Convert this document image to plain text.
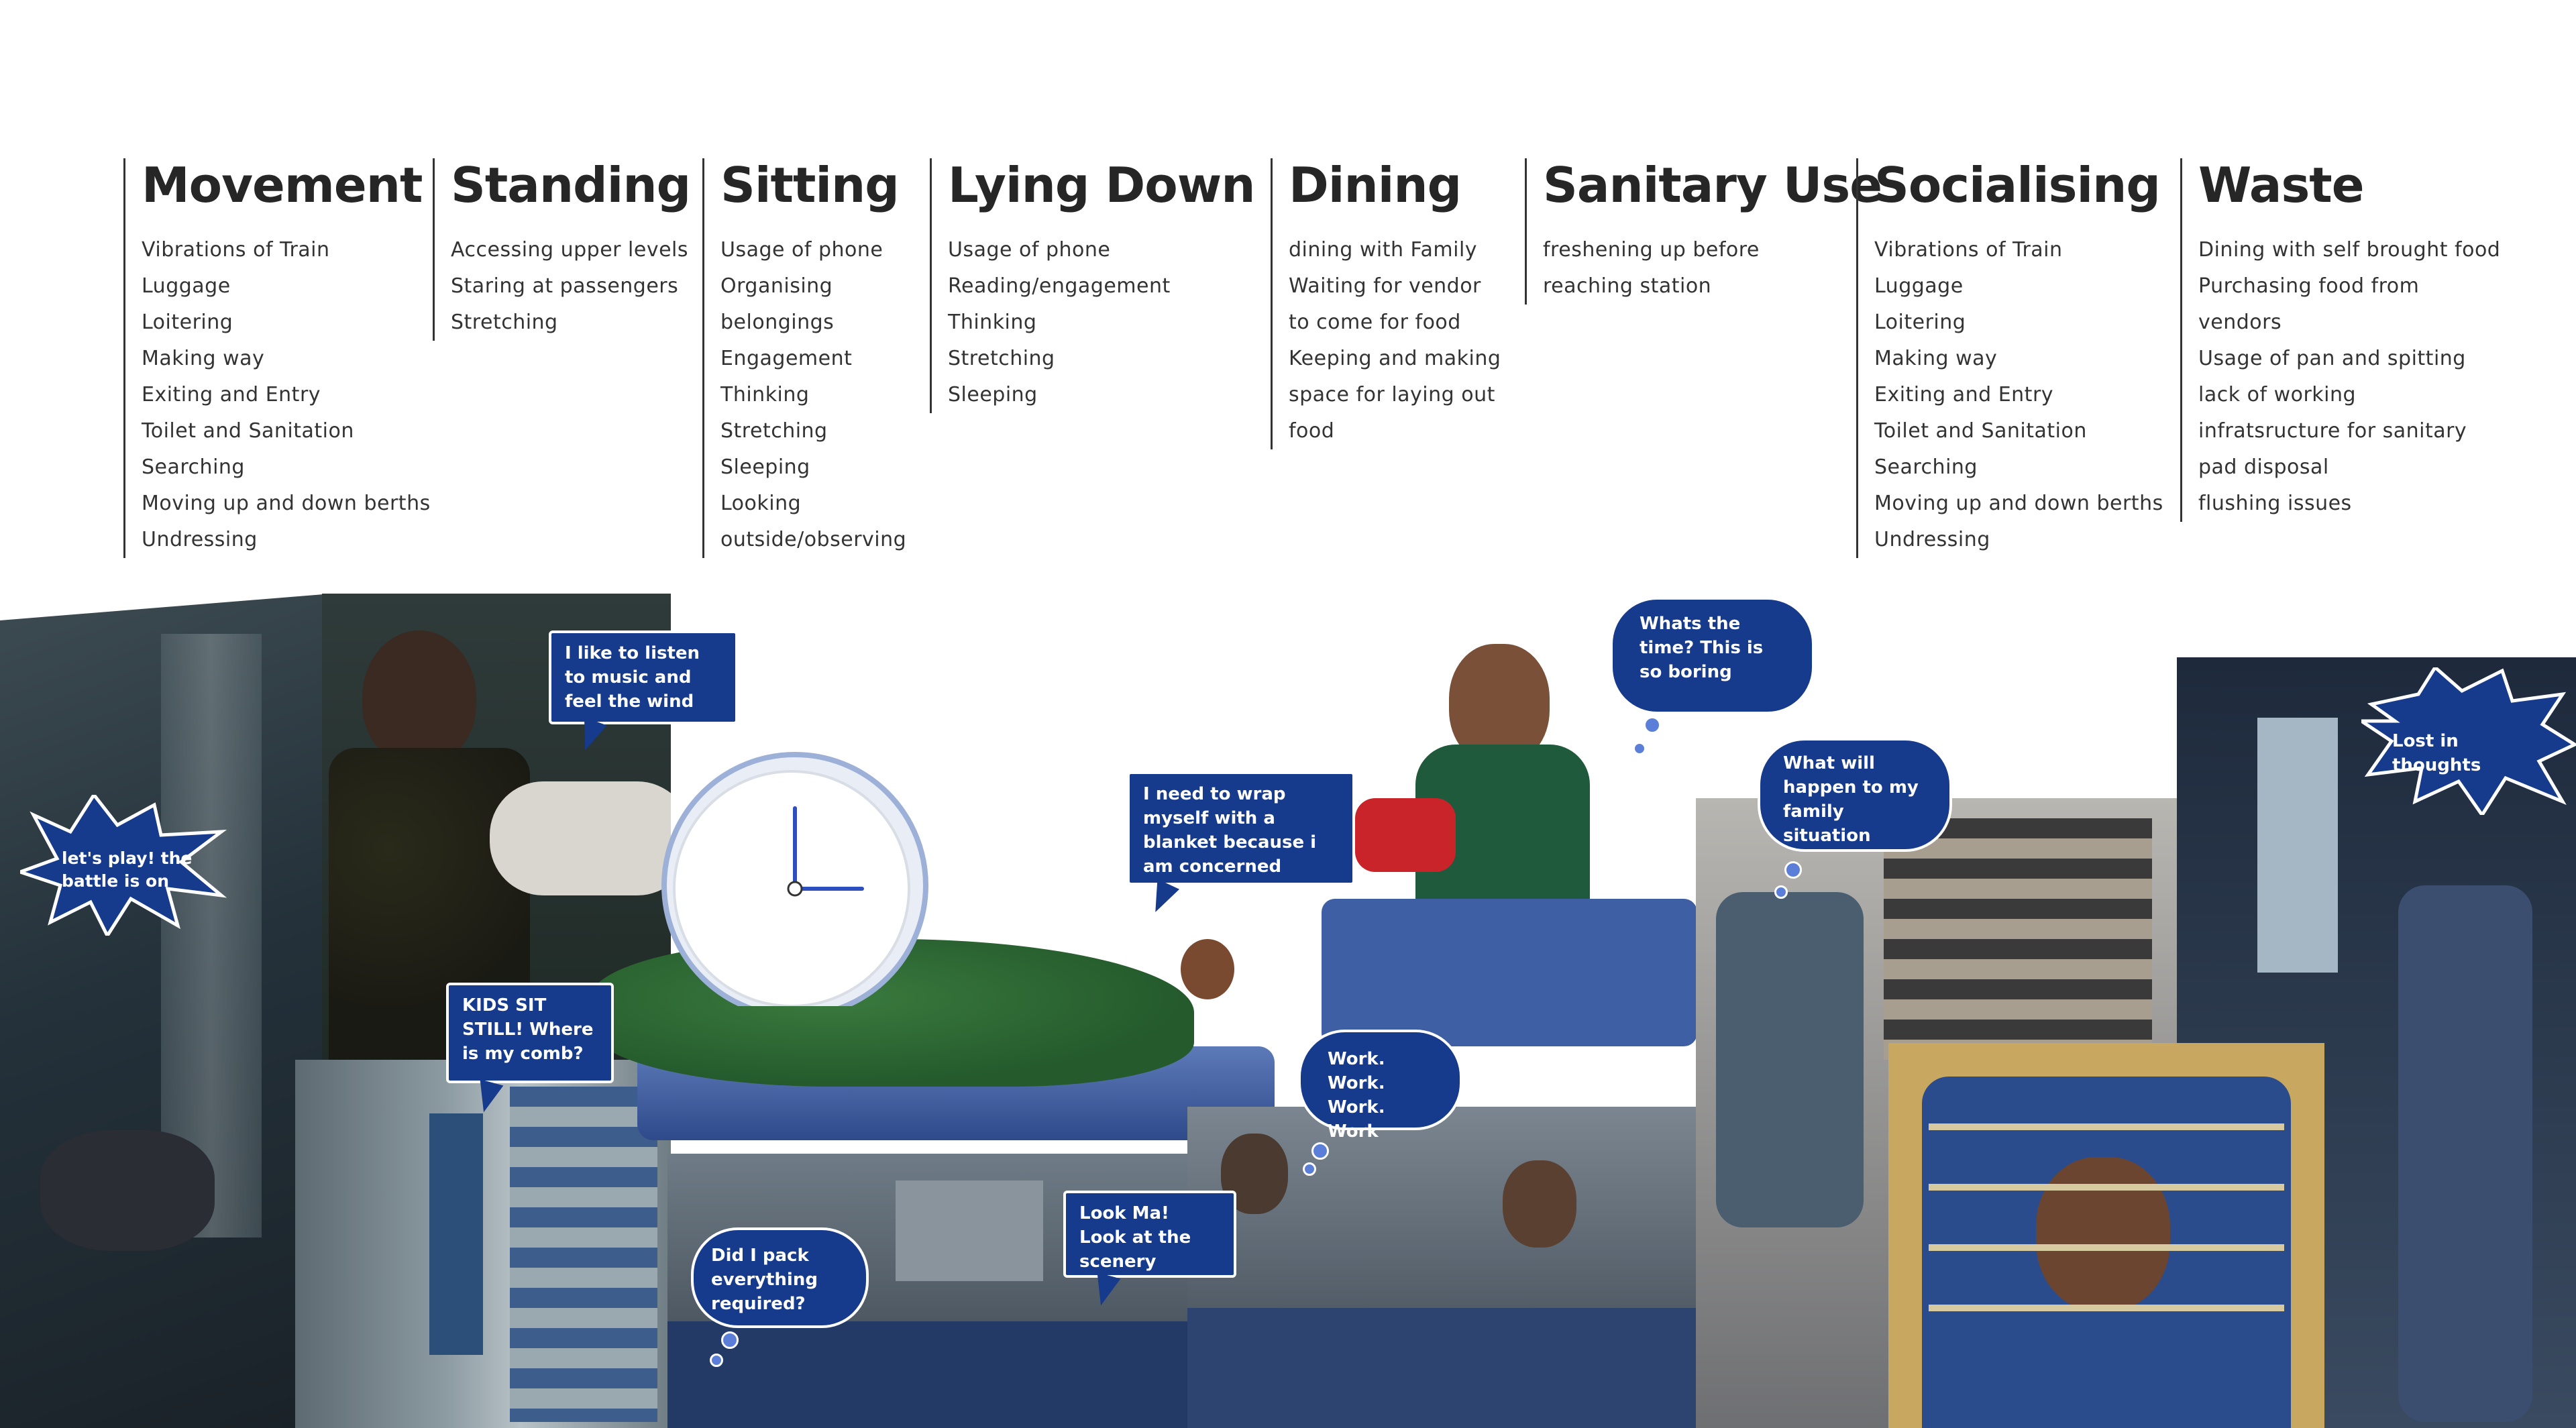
Movement
Vibrations of Train
Luggage
Loitering
Making way
Exiting and Entry
Toilet and Sanitation
Searching
Moving up and down berths
Undressing
Standing
Accessing upper levels
Staring at passengers
Stretching
Sitting
Usage of phone
Organising
belongings
Engagement
Thinking
Stretching
Sleeping
Looking
outside/observing
Lying Down
Usage of phone
Reading/engagement
Thinking
Stretching
Sleeping
Dining
dining with Family
Waiting for vendor
to come for food
Keeping and making
space for laying out
food
Sanitary Use
freshening up before
reaching station
Socialising
Vibrations of Train
Luggage
Loitering
Making way
Exiting and Entry
Toilet and Sanitation
Searching
Moving up and down berths
Undressing
Waste
Dining with self brought food
Purchasing food from
vendors
Usage of pan and spitting
lack of working
infratsructure for sanitary
pad disposal
flushing issues
let's play! the battle is on
I like to listen to music and feel the wind
I need to wrap myself with a blanket because i am concerned about my safety
Whats the time? This is so boring
What will happen to my family situation
Lost in thoughts
KIDS SIT STILL! Where is my comb?	Work. Work. Work. Work
Did I pack everything required?
Look Ma! Look at the scenery
